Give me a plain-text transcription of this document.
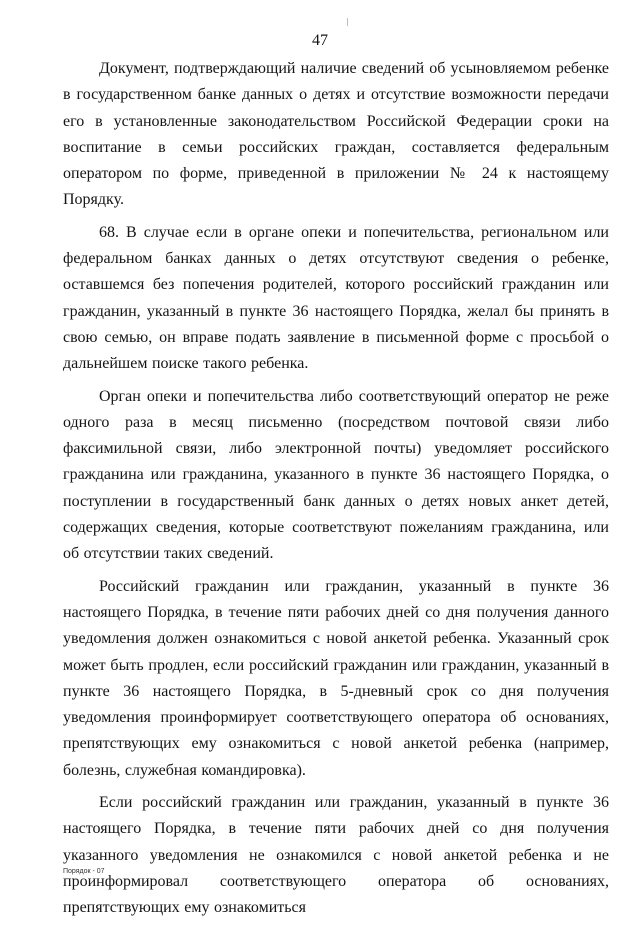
47

Документ, подтверждающий наличие сведений об усыновляемом ребенке в государственном банке данных о детях и отсутствие возможности передачи его в установленные законодательством Российской Федерации сроки на воспитание в семьи российских граждан, составляется федеральным оператором по форме, приведенной в приложении № 24 к настоящему Порядку.

68. В случае если в органе опеки и попечительства, региональном или федеральном банках данных о детях отсутствуют сведения о ребенке, оставшемся без попечения родителей, которого российский гражданин или гражданин, указанный в пункте 36 настоящего Порядка, желал бы принять в свою семью, он вправе подать заявление в письменной форме с просьбой о дальнейшем поиске такого ребенка.

Орган опеки и попечительства либо соответствующий оператор не реже одного раза в месяц письменно (посредством почтовой связи либо факсимильной связи, либо электронной почты) уведомляет российского гражданина или гражданина, указанного в пункте 36 настоящего Порядка, о поступлении в государственный банк данных о детях новых анкет детей, содержащих сведения, которые соответствуют пожеланиям гражданина, или об отсутствии таких сведений.

Российский гражданин или гражданин, указанный в пункте 36 настоящего Порядка, в течение пяти рабочих дней со дня получения данного уведомления должен ознакомиться с новой анкетой ребенка. Указанный срок может быть продлен, если российский гражданин или гражданин, указанный в пункте 36 настоящего Порядка, в 5-дневный срок со дня получения уведомления проинформирует соответствующего оператора об основаниях, препятствующих ему ознакомиться с новой анкетой ребенка (например, болезнь, служебная командировка).

Если российский гражданин или гражданин, указанный в пункте 36 настоящего Порядка, в течение пяти рабочих дней со дня получения указанного уведомления не ознакомился с новой анкетой ребенка и не проинформировал соответствующего оператора об основаниях, препятствующих ему ознакомиться

Порядок - 07
